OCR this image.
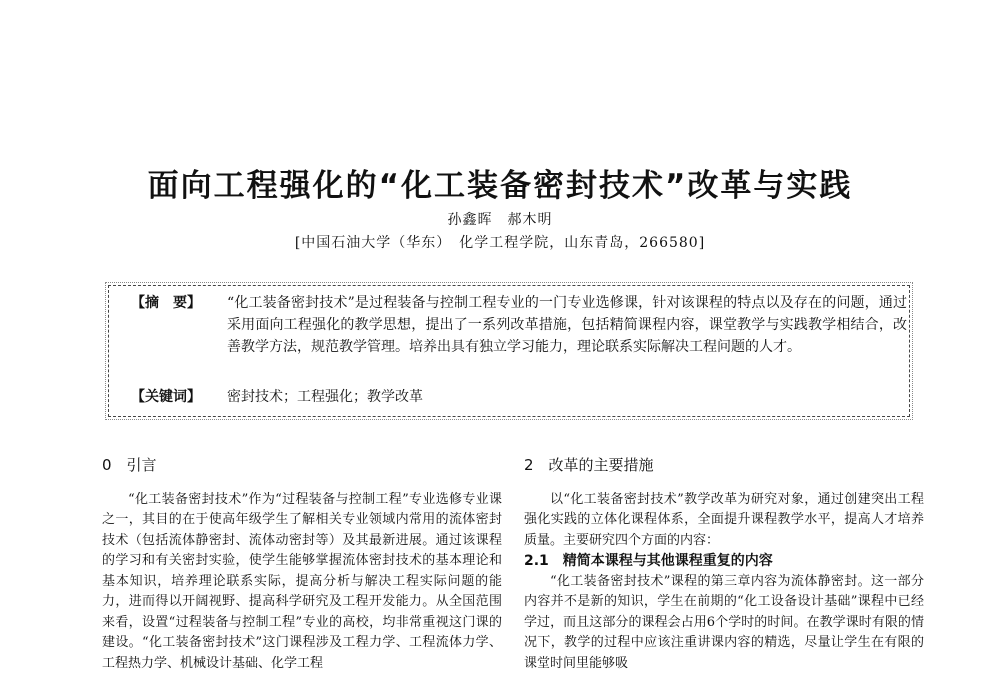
面向工程强化的“化工装备密封技术”改革与实践
孙鑫晖　郝木明
[中国石油大学（华东）　化学工程学院，山东青岛，266580]
【摘　要】 “化工装备密封技术”是过程装备与控制工程专业的一门专业选修课，针对该课程的特点以及存在的问题，通过采用面向工程强化的教学思想，提出了一系列改革措施，包括精简课程内容，课堂教学与实践教学相结合，改善教学方法，规范教学管理。培养出具有独立学习能力，理论联系实际解决工程问题的人才。
【关键词】 密封技术；工程强化；教学改革
0　引言

“化工装备密封技术”作为“过程装备与控制工程”专业选修专业课之一，其目的在于使高年级学生了解相关专业领域内常用的流体密封技术（包括流体静密封、流体动密封等）及其最新进展。通过该课程的学习和有关密封实验，使学生能够掌握流体密封技术的基本理论和基本知识，培养理论联系实际，提高分析与解决工程实际问题的能力，进而得以开阔视野、提高科学研究及工程开发能力。从全国范围来看，设置“过程装备与控制工程”专业的高校，均非常重视这门课的建设。“化工装备密封技术”这门课程涉及工程力学、工程流体力学、工程热力学、机械设计基础、化学工程

2　改革的主要措施

以“化工装备密封技术”教学改革为研究对象，通过创建突出工程强化实践的立体化课程体系，全面提升课程教学水平，提高人才培养质量。主要研究四个方面的内容：

2.1　精简本课程与其他课程重复的内容

“化工装备密封技术”课程的第三章内容为流体静密封。这一部分内容并不是新的知识，学生在前期的“化工设备设计基础”课程中已经学过，而且这部分的课程会占用6个学时的时间。在教学课时有限的情况下，教学的过程中应该注重讲课内容的精选，尽量让学生在有限的课堂时间里能够吸
